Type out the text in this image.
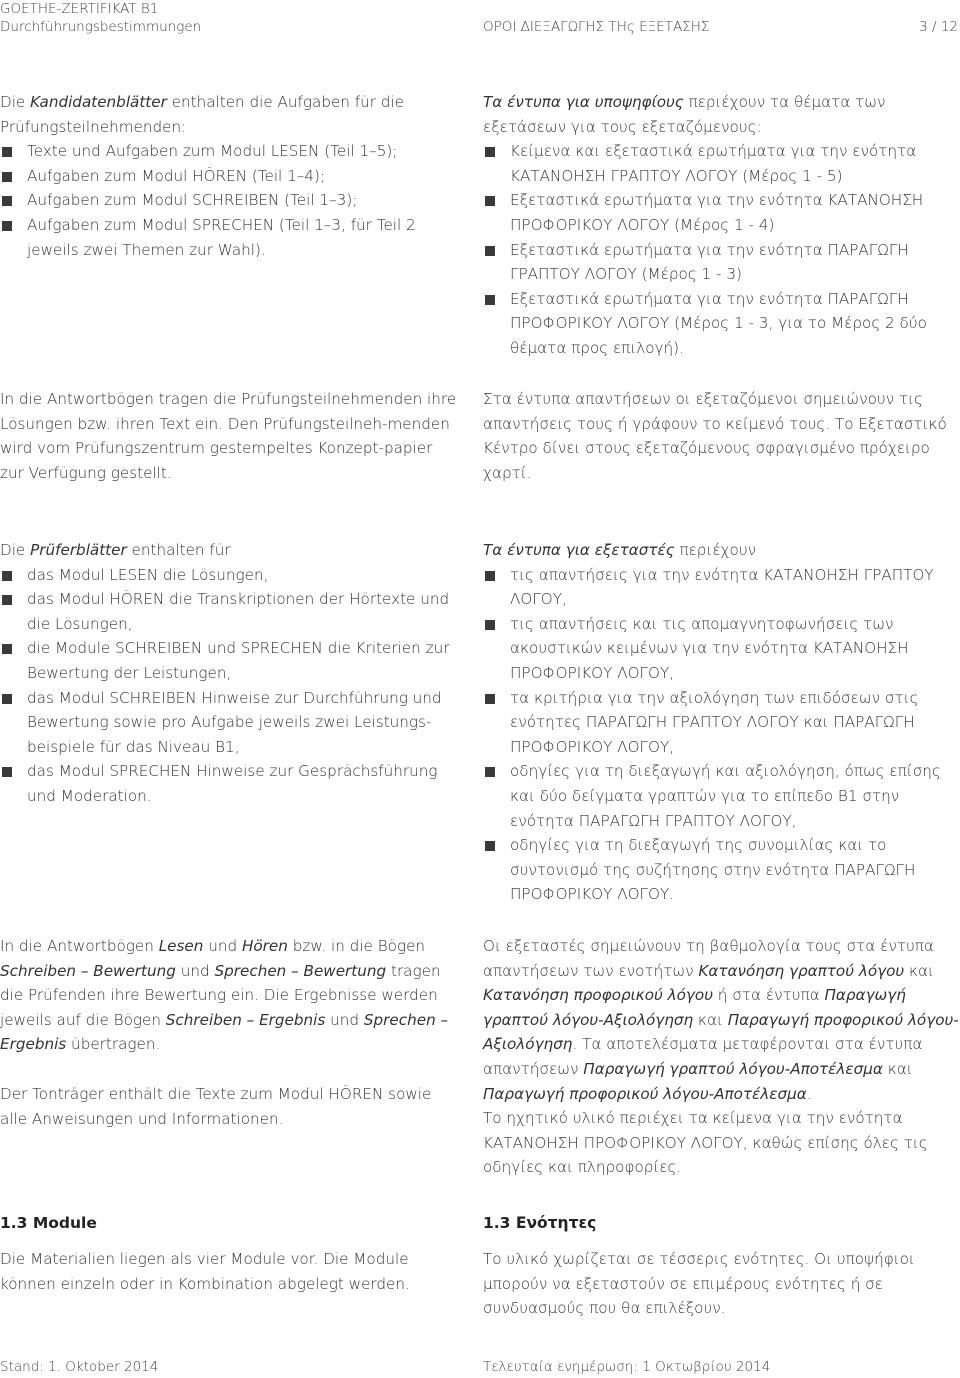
GOETHE-ZERTIFIKAT B1
Durchführungsbestimmungen	ΟΡΟΙ ΔΙΕΞΑΓΩΓΗΣ ΤΗς ΕΞΕΤΑΣΗΣ	3 / 12

Die Kandidatenblätter enthalten die Aufgaben für die Prüfungsteilnehmenden:

Texte und Aufgaben zum Modul LESEN (Teil 1–5);
Aufgaben zum Modul HÖREN (Teil 1–4);
Aufgaben zum Modul SCHREIBEN (Teil 1–3);
Aufgaben zum Modul SPRECHEN (Teil 1–3, für Teil 2 jeweils zwei Themen zur Wahl).

Τα έντυπα για υποψηφίους περιέχουν τα θέματα των εξετάσεων για τους εξεταζόμενους:

Κείμενα και εξεταστικά ερωτήματα για την ενότητα ΚΑΤΑΝΟΗΣΗ ΓΡΑΠΤΟΥ ΛΟΓΟΥ (Μέρος 1 - 5)
Εξεταστικά ερωτήματα για την ενότητα ΚΑΤΑΝΟΗΣΗ ΠΡΟΦΟΡΙΚΟΥ ΛΟΓΟΥ (Μέρος 1 - 4)
Εξεταστικά ερωτήματα για την ενότητα ΠΑΡΑΓΩΓΗ ΓΡΑΠΤΟΥ ΛΟΓΟΥ (Μέρος 1 - 3)
Εξεταστικά ερωτήματα για την ενότητα ΠΑΡΑΓΩΓΗ ΠΡΟΦΟΡΙΚΟΥ ΛΟΓΟΥ (Μέρος 1 - 3, για το Μέρος 2 δύο θέματα προς επιλογή).

In die Antwortbögen tragen die Prüfungsteilnehmenden ihre Lösungen bzw. ihren Text ein. Den Prüfungsteilneh-menden wird vom Prüfungszentrum gestempeltes Konzept-papier zur Verfügung gestellt.

Στα έντυπα απαντήσεων οι εξεταζόμενοι σημειώνουν τις απαντήσεις τους ή γράφουν το κείμενό τους. Το Εξεταστικό Κέντρο δίνει στους εξεταζόμενους σφραγισμένο πρόχειρο χαρτί.

Die Prüferblätter enthalten für

das Modul LESEN die Lösungen,
das Modul HÖREN die Transkriptionen der Hörtexte und die Lösungen,
die Module SCHREIBEN und SPRECHEN die Kriterien zur Bewertung der Leistungen,
das Modul SCHREIBEN Hinweise zur Durchführung und Bewertung sowie pro Aufgabe jeweils zwei Leistungs-beispiele für das Niveau B1,
das Modul SPRECHEN Hinweise zur Gesprächsführung und Moderation.

Τα έντυπα για εξεταστές περιέχουν

τις απαντήσεις για την ενότητα ΚΑΤΑΝΟΗΣΗ ΓΡΑΠΤΟΥ ΛΟΓΟΥ,
τις απαντήσεις και τις απομαγνητοφωνήσεις των ακουστικών κειμένων για την ενότητα ΚΑΤΑΝΟΗΣΗ ΠΡΟΦΟΡΙΚΟΥ ΛΟΓΟΥ,
τα κριτήρια για την αξιολόγηση των επιδόσεων στις ενότητες ΠΑΡΑΓΩΓΗ ΓΡΑΠΤΟΥ ΛΟΓΟΥ και ΠΑΡΑΓΩΓΗ ΠΡΟΦΟΡΙΚΟΥ ΛΟΓΟΥ,
οδηγίες για τη διεξαγωγή και αξιολόγηση, όπως επίσης και δύο δείγματα γραπτών για το επίπεδο Β1 στην ενότητα ΠΑΡΑΓΩΓΗ ΓΡΑΠΤΟΥ ΛΟΓΟΥ,
οδηγίες για τη διεξαγωγή της συνομιλίας και το συντονισμό της συζήτησης στην ενότητα ΠΑΡΑΓΩΓΗ ΠΡΟΦΟΡΙΚΟΥ ΛΟΓΟΥ.

In die Antwortbögen Lesen und Hören bzw. in die Bögen Schreiben – Bewertung und Sprechen – Bewertung tragen die Prüfenden ihre Bewertung ein. Die Ergebnisse werden jeweils auf die Bögen Schreiben – Ergebnis und Sprechen – Ergebnis übertragen.

Der Tonträger enthält die Texte zum Modul HÖREN sowie alle Anweisungen und Informationen.

Οι εξεταστές σημειώνουν τη βαθμολογία τους στα έντυπα απαντήσεων των ενοτήτων Κατανόηση γραπτού λόγου και Κατανόηση προφορικού λόγου ή στα έντυπα Παραγωγή γραπτού λόγου-Αξιολόγηση και Παραγωγή προφορικού λόγου-Αξιολόγηση. Τα αποτελέσματα μεταφέρονται στα έντυπα απαντήσεων Παραγωγή γραπτού λόγου-Αποτέλεσμα και Παραγωγή προφορικού λόγου-Αποτέλεσμα.

Το ηχητικό υλικό περιέχει τα κείμενα για την ενότητα ΚΑΤΑΝΟΗΣΗ ΠΡΟΦΟΡΙΚΟΥ ΛΟΓΟΥ, καθώς επίσης όλες τις οδηγίες και πληροφορίες.

1.3 Module	1.3 Ενότητες

Die Materialien liegen als vier Module vor. Die Module können einzeln oder in Kombination abgelegt werden.

Το υλικό χωρίζεται σε τέσσερις ενότητες. Οι υποψήφιοι μπορούν να εξεταστούν σε επιμέρους ενότητες ή σε συνδυασμούς που θα επιλέξουν.

Stand: 1. Oktober 2014	Τελευταία ενημέρωση: 1 Οκτωβρίου 2014
